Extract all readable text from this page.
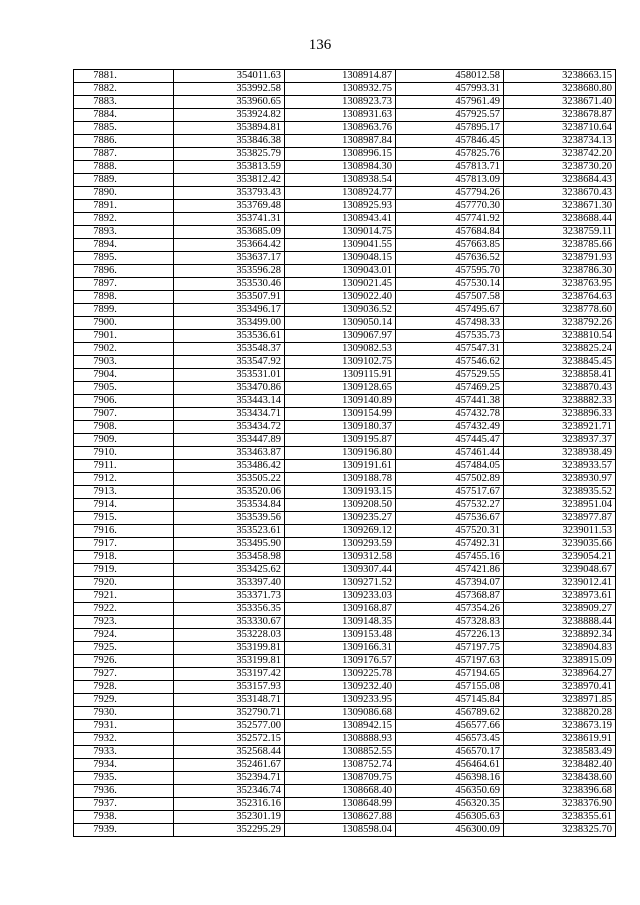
136
7881.	354011.63	1308914.87	458012.58	3238663.15
7882.	353992.58	1308932.75	457993.31	3238680.80
7883.	353960.65	1308923.73	457961.49	3238671.40
7884.	353924.82	1308931.63	457925.57	3238678.87
7885.	353894.81	1308963.76	457895.17	3238710.64
7886.	353846.38	1308987.84	457846.45	3238734.13
7887.	353825.79	1308996.15	457825.76	3238742.20
7888.	353813.59	1308984.30	457813.71	3238730.20
7889.	353812.42	1308938.54	457813.09	3238684.43
7890.	353793.43	1308924.77	457794.26	3238670.43
7891.	353769.48	1308925.93	457770.30	3238671.30
7892.	353741.31	1308943.41	457741.92	3238688.44
7893.	353685.09	1309014.75	457684.84	3238759.11
7894.	353664.42	1309041.55	457663.85	3238785.66
7895.	353637.17	1309048.15	457636.52	3238791.93
7896.	353596.28	1309043.01	457595.70	3238786.30
7897.	353530.46	1309021.45	457530.14	3238763.95
7898.	353507.91	1309022.40	457507.58	3238764.63
7899.	353496.17	1309036.52	457495.67	3238778.60
7900.	353499.00	1309050.14	457498.33	3238792.26
7901.	353536.61	1309067.97	457535.73	3238810.54
7902.	353548.37	1309082.53	457547.31	3238825.24
7903.	353547.92	1309102.75	457546.62	3238845.45
7904.	353531.01	1309115.91	457529.55	3238858.41
7905.	353470.86	1309128.65	457469.25	3238870.43
7906.	353443.14	1309140.89	457441.38	3238882.33
7907.	353434.71	1309154.99	457432.78	3238896.33
7908.	353434.72	1309180.37	457432.49	3238921.71
7909.	353447.89	1309195.87	457445.47	3238937.37
7910.	353463.87	1309196.80	457461.44	3238938.49
7911.	353486.42	1309191.61	457484.05	3238933.57
7912.	353505.22	1309188.78	457502.89	3238930.97
7913.	353520.06	1309193.15	457517.67	3238935.52
7914.	353534.84	1309208.50	457532.27	3238951.04
7915.	353539.56	1309235.27	457536.67	3238977.87
7916.	353523.61	1309269.12	457520.31	3239011.53
7917.	353495.90	1309293.59	457492.31	3239035.66
7918.	353458.98	1309312.58	457455.16	3239054.21
7919.	353425.62	1309307.44	457421.86	3239048.67
7920.	353397.40	1309271.52	457394.07	3239012.41
7921.	353371.73	1309233.03	457368.87	3238973.61
7922.	353356.35	1309168.87	457354.26	3238909.27
7923.	353330.67	1309148.35	457328.83	3238888.44
7924.	353228.03	1309153.48	457226.13	3238892.34
7925.	353199.81	1309166.31	457197.75	3238904.83
7926.	353199.81	1309176.57	457197.63	3238915.09
7927.	353197.42	1309225.78	457194.65	3238964.27
7928.	353157.93	1309232.40	457155.08	3238970.41
7929.	353148.71	1309233.95	457145.84	3238971.85
7930.	352790.71	1309086.68	456789.62	3238820.28
7931.	352577.00	1308942.15	456577.66	3238673.19
7932.	352572.15	1308888.93	456573.45	3238619.91
7933.	352568.44	1308852.55	456570.17	3238583.49
7934.	352461.67	1308752.74	456464.61	3238482.40
7935.	352394.71	1308709.75	456398.16	3238438.60
7936.	352346.74	1308668.40	456350.69	3238396.68
7937.	352316.16	1308648.99	456320.35	3238376.90
7938.	352301.19	1308627.88	456305.63	3238355.61
7939.	352295.29	1308598.04	456300.09	3238325.70
